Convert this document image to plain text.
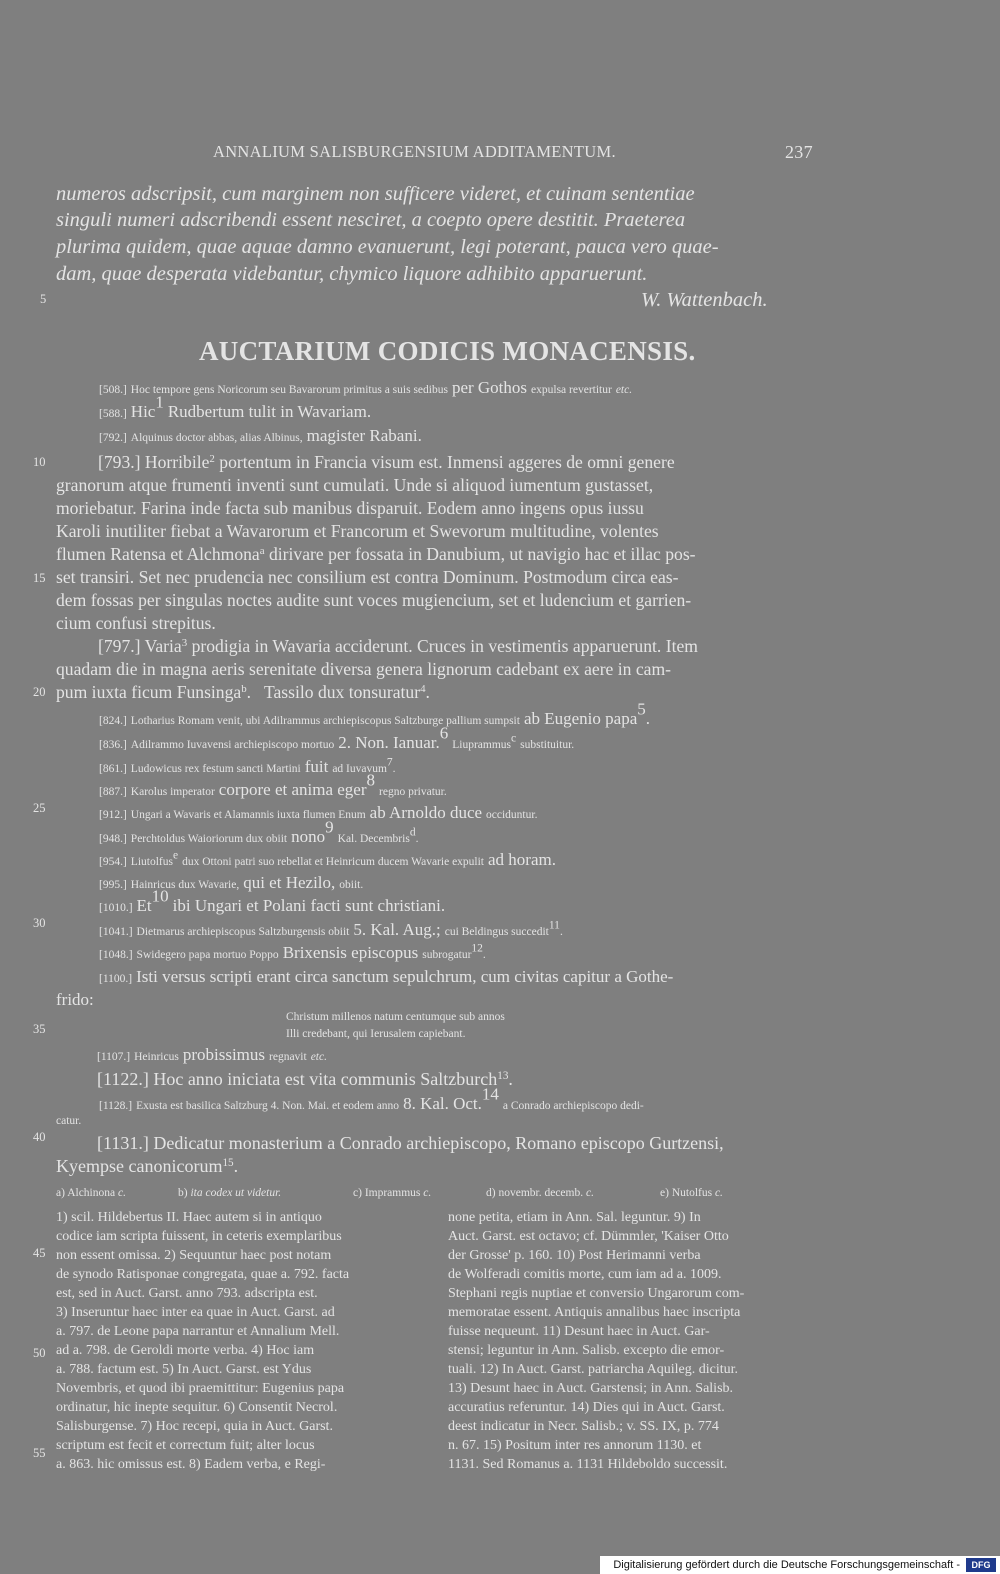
ANNALIUM SALISBURGENSIUM ADDITAMENTUM.	237
numeros adscripsit, cum marginem non sufficere videret, et cuinam sententiae
singuli numeri adscribendi essent nesciret, a coepto opere destitit. Praeterea
plurima quidem, quae aquae damno evanuerunt, legi poterant, pauca vero quae-
dam, quae desperata videbantur, chymico liquore adhibito apparuerunt.
W. Wattenbach.
AUCTARIUM CODICIS MONACENSIS.
5
10
15
20
25
30
35
40
45
50
55
[508.] Hoc tempore gens Noricorum seu Bavarorum primitus a suis sedibus per Gothos expulsa revertitur etc.
[588.] Hic$^1$ Rudbertum tulit in Wavariam.
[792.] Alquinus doctor abbas, alias Albinus, magister Rabani.
[793.] Horribile$^2$ portentum in Francia visum est. Inmensi aggeres de omni genere
granorum atque frumenti inventi sunt cumulati. Unde si aliquod iumentum gustasset,
moriebatur. Farina inde facta sub manibus disparuit. Eodem anno ingens opus iussu
Karoli inutiliter fiebat a Wavarorum et Francorum et Swevorum multitudine, volentes
flumen Ratensa et Alchmona$^a$ dirivare per fossata in Danubium, ut navigio hac et illac pos-
set transiri. Set nec prudencia nec consilium est contra Dominum. Postmodum circa eas-
dem fossas per singulas noctes audite sunt voces mugiencium, set et ludencium et garrien-
cium confusi strepitus.
[797.] Varia$^3$ prodigia in Wavaria acciderunt. Cruces in vestimentis apparuerunt. Item
quadam die in magna aeris serenitate diversa genera lignorum cadebant ex aere in cam-
pum iuxta ficum Funsinga$^b$.   Tassilo dux tonsuratur$^4$.
[824.] Lotharius Romam venit, ubi Adilrammus archiepiscopus Saltzburge pallium sumpsit ab Eugenio papa$^5$.
[836.] Adilrammo Iuvavensi archiepiscopo mortuo 2. Non. Ianuar.$^6$ Liuprammus$^c$ substituitur.
[861.] Ludowicus rex festum sancti Martini fuit ad Iuvavum$^7$.
[887.] Karolus imperator corpore et anima eger$^8$ regno privatur.
[912.] Ungari a Wavaris et Alamannis iuxta flumen Enum ab Arnoldo duce occiduntur.
[948.] Perchtoldus Waioriorum dux obiit nono$^9$ Kal. Decembris$^d$.
[954.] Liutolfus$^e$ dux Ottoni patri suo rebellat et Heinricum ducem Wavarie expulit ad horam.
[995.] Hainricus dux Wavarie, qui et Hezilo, obiit.
[1010.] Et$^{10}$ ibi Ungari et Polani facti sunt christiani.
[1041.] Dietmarus archiepiscopus Saltzburgensis obiit 5. Kal. Aug.; cui Beldingus succedit$^{11}$.
[1048.] Swidegero papa mortuo Poppo Brixensis episcopus subrogatur$^{12}$.
[1100.] Isti versus scripti erant circa sanctum sepulchrum, cum civitas capitur a Gothe-
frido:
Christum millenos natum centumque sub annos
Illi credebant, qui Ierusalem capiebant.
[1107.] Heinricus probissimus regnavit etc.
[1122.] Hoc anno iniciata est vita communis Saltzburch$^{13}$.
[1128.] Exusta est basilica Saltzburg 4. Non. Mai. et eodem anno 8. Kal. Oct.$^{14}$ a Conrado archiepiscopo dedi-
catur.
[1131.] Dedicatur monasterium a Conrado archiepiscopo, Romano episcopo Gurtzensi,
Kyempse canonicorum$^{15}$.
a) Alchinona c.	b) ita codex ut videtur.	c) Imprammus c.	d) novembr. decemb. c.	e) Nutolfus c.
1) scil. Hildebertus II. Haec autem si in antiquo
codice iam scripta fuissent, in ceteris exemplaribus
non essent omissa. 2) Sequuntur haec post notam
de synodo Ratisponae congregata, quae a. 792. facta
est, sed in Auct. Garst. anno 793. adscripta est.
3) Inseruntur haec inter ea quae in Auct. Garst. ad
a. 797. de Leone papa narrantur et Annalium Mell.
ad a. 798. de Geroldi morte verba. 4) Hoc iam
a. 788. factum est. 5) In Auct. Garst. est Ydus
Novembris, et quod ibi praemittitur: Eugenius papa
ordinatur, hic inepte sequitur. 6) Consentit Necrol.
Salisburgense. 7) Hoc recepi, quia in Auct. Garst.
scriptum est fecit et correctum fuit; alter locus
a. 863. hic omissus est. 8) Eadem verba, e Regi-
none petita, etiam in Ann. Sal. leguntur. 9) In
Auct. Garst. est octavo; cf. Dümmler, 'Kaiser Otto
der Grosse' p. 160. 10) Post Herimanni verba
de Wolferadi comitis morte, cum iam ad a. 1009.
Stephani regis nuptiae et conversio Ungarorum com-
memoratae essent. Antiquis annalibus haec inscripta
fuisse nequeunt. 11) Desunt haec in Auct. Gar-
stensi; leguntur in Ann. Salisb. excepto die emor-
tuali. 12) In Auct. Garst. patriarcha Aquileg. dicitur.
13) Desunt haec in Auct. Garstensi; in Ann. Salisb.
accuratius referuntur. 14) Dies qui in Auct. Garst.
deest indicatur in Necr. Salisb.; v. SS. IX, p. 774
n. 67. 15) Positum inter res annorum 1130. et
1131. Sed Romanus a. 1131 Hildeboldo successit.
Digitalisierung gefördert durch die Deutsche Forschungsgemeinschaft -	DFG
